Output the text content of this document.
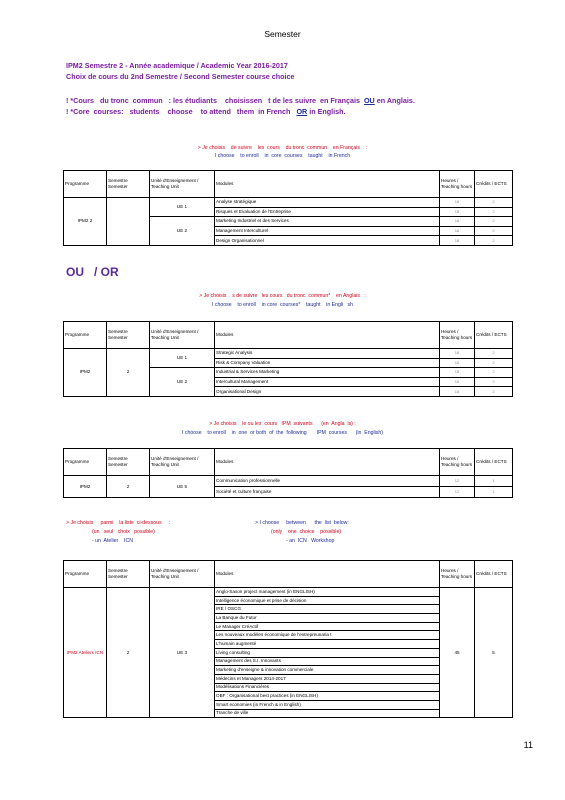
Semester
IPM2 Semestre 2 - Année academique / Academic Year 2016-2017
Choix de cours du 2nd Semestre / Second Semester course choice
! *Cours   du tronc  commun   : les étudiants    choisissen   t de les suivre  en Français  OU en Anglais.
! *Core  courses:   students    choose    to attend   them  in French   OR in English.
> Je choisis    de suivre    les  cours    du tronc  commun    en Français    :
I choose    to enroll    in  core  courses    taught    in French
Programme	Semestre Semester	Unité d'Enseignement / Teaching Unit	Modules	Heures / Teaching hours	Crédits / ECTS
IPM2 2		UE 1	Analyse stratégique	18	2
			Risques et Evaluation de l'Entreprise	18	2
		UE 2	Marketing Industriel et des Services	18	2
			Management Interculturel	18	2
			Design Organisationnel	18	2
OU   / OR
> Je choisis    s de suivre   les cours   du tronc  commun*    en Anglais   :
I choose    to enroll    in core  courses*    taught    in Engli   sh
Programme	Semestre Semester	Unité d'Enseignement / Teaching Unit	Modules	Heures / Teaching hours	Crédits / ECTS
IPM2	2	UE 1	Strategic Analysis	18	2
			Risk & Company Valuation	18	2
		UE 2	Industrial & Services Marketing	18	2
			Intercultural Management	18	2
			Organisational Design	18	2
> Je choisis    le ou les  cours   IPM  suivants      (en  Angla  is) :
I choose    to enroll    in  one  or both  of  the  following       IPM  courses      (in  English)
Programme	Semestre Semester	Unité d'Enseignement / Teaching Unit	Modules	Heures / Teaching hours	Crédits / ECTS
IPM2	2	UE 5	Communication professionnelle	12	1
			Société et culture française	12	1
> Je choisis     parmi    la liste  ci-dessous     :
(un   seul   choix   possible)
- un  Atelier    ICN
> I choose     between      the  list  below:
(only    one  choice    possible)
- an  ICN   Workshop
Programme	Semestre Semester	Unité d'Enseignement / Teaching Unit	Modules	Heures / Teaching hours	Crédits / ECTS
IPM2 Ateliers ICN	2	UE 3	Anglo-Saxon project management (in ENGLISH)	45	5
			Intelligence économique et prise de décision		
			IRE / OSCG		
			La Banque du Futur		
			Le Manager CréActif		
			Les nouveaux modèles économique de l'entrepreunaria t		
			L'humain augmenté		
			Living consulting		
			Management des S.I. Innovants		
			Marketing d'enseigne & innovation commerciale		
			Médecins et Managers 2014-2017		
			Modélisations Financières		
			OBF : Organisational best practices (in ENGLISH)		
			Smart economies (in French & in English)		
			Tranche de ville		
11
